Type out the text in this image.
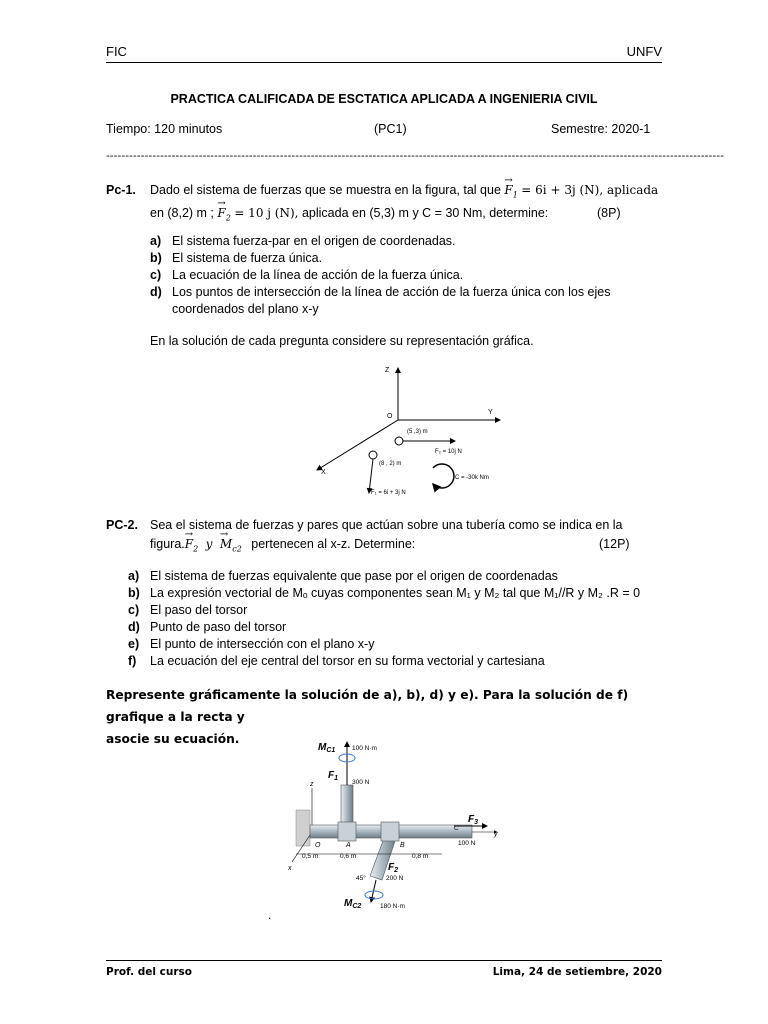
FIC	UNFV
PRACTICA CALIFICADA DE ESCTATICA APLICADA A INGENIERIA CIVIL
Tiempo: 120 minutos	(PC1)	Semestre: 2020-1
----------------------------------------------------------------------------------------------------------------------------------------------------------------
Pc-1. Dado el sistema de fuerzas que se muestra en la figura, tal que → $F_1 = 6i + 3j$ (N), aplicada
en (8,2) m ; → $F_2 = 10$ j (N), aplicada en (5,3) m y C = 30 Nm, determine:	(8P)
a) El sistema fuerza-par en el origen de coordenadas.
b) El sistema de fuerza única.
c) La ecuación de la línea de acción de la fuerza única.
d) Los puntos de intersección de la línea de acción de la fuerza única con los ejes
coordenados del plano x-y
En la solución de cada pregunta considere su representación gráfica.
Z
Y
X
O
(5 ,3) m
F₂ = 10j N
(8 , 2) m
F₁ = 6i + 3j N
C = -30k Nm
PC-2. Sea el sistema de fuerzas y pares que actúan sobre una tubería como se indica en la
figura.→ $F_2$ $y \to M_{c2}$ pertenecen al x-z. Determine:	(12P)
a) El sistema de fuerzas equivalente que pase por el origen de coordenadas
b) La expresión vectorial de Mₒ cuyas componentes sean M₁ y M₂ tal que M₁//R y M₂ .R = 0
c) El paso del torsor
d) Punto de paso del torsor
e) El punto de intersección con el plano x-y
f) La ecuación del eje central del torsor en su forma vectorial y cartesiana
Represente gráficamente la solución de a), b), d) y e). Para la solución de f) grafique a la recta y
asocie su ecuación.
z
x
y
$M_{C1}$	100 N·m
$F_1$
300 N
$F_3$
100 N
C
O	A	B
0,5 m	0,6 m	0,8 m
$F_2$
200 N
45°
$M_{C2}$	180 N·m
.
Prof. del curso	Lima, 24 de setiembre, 2020
